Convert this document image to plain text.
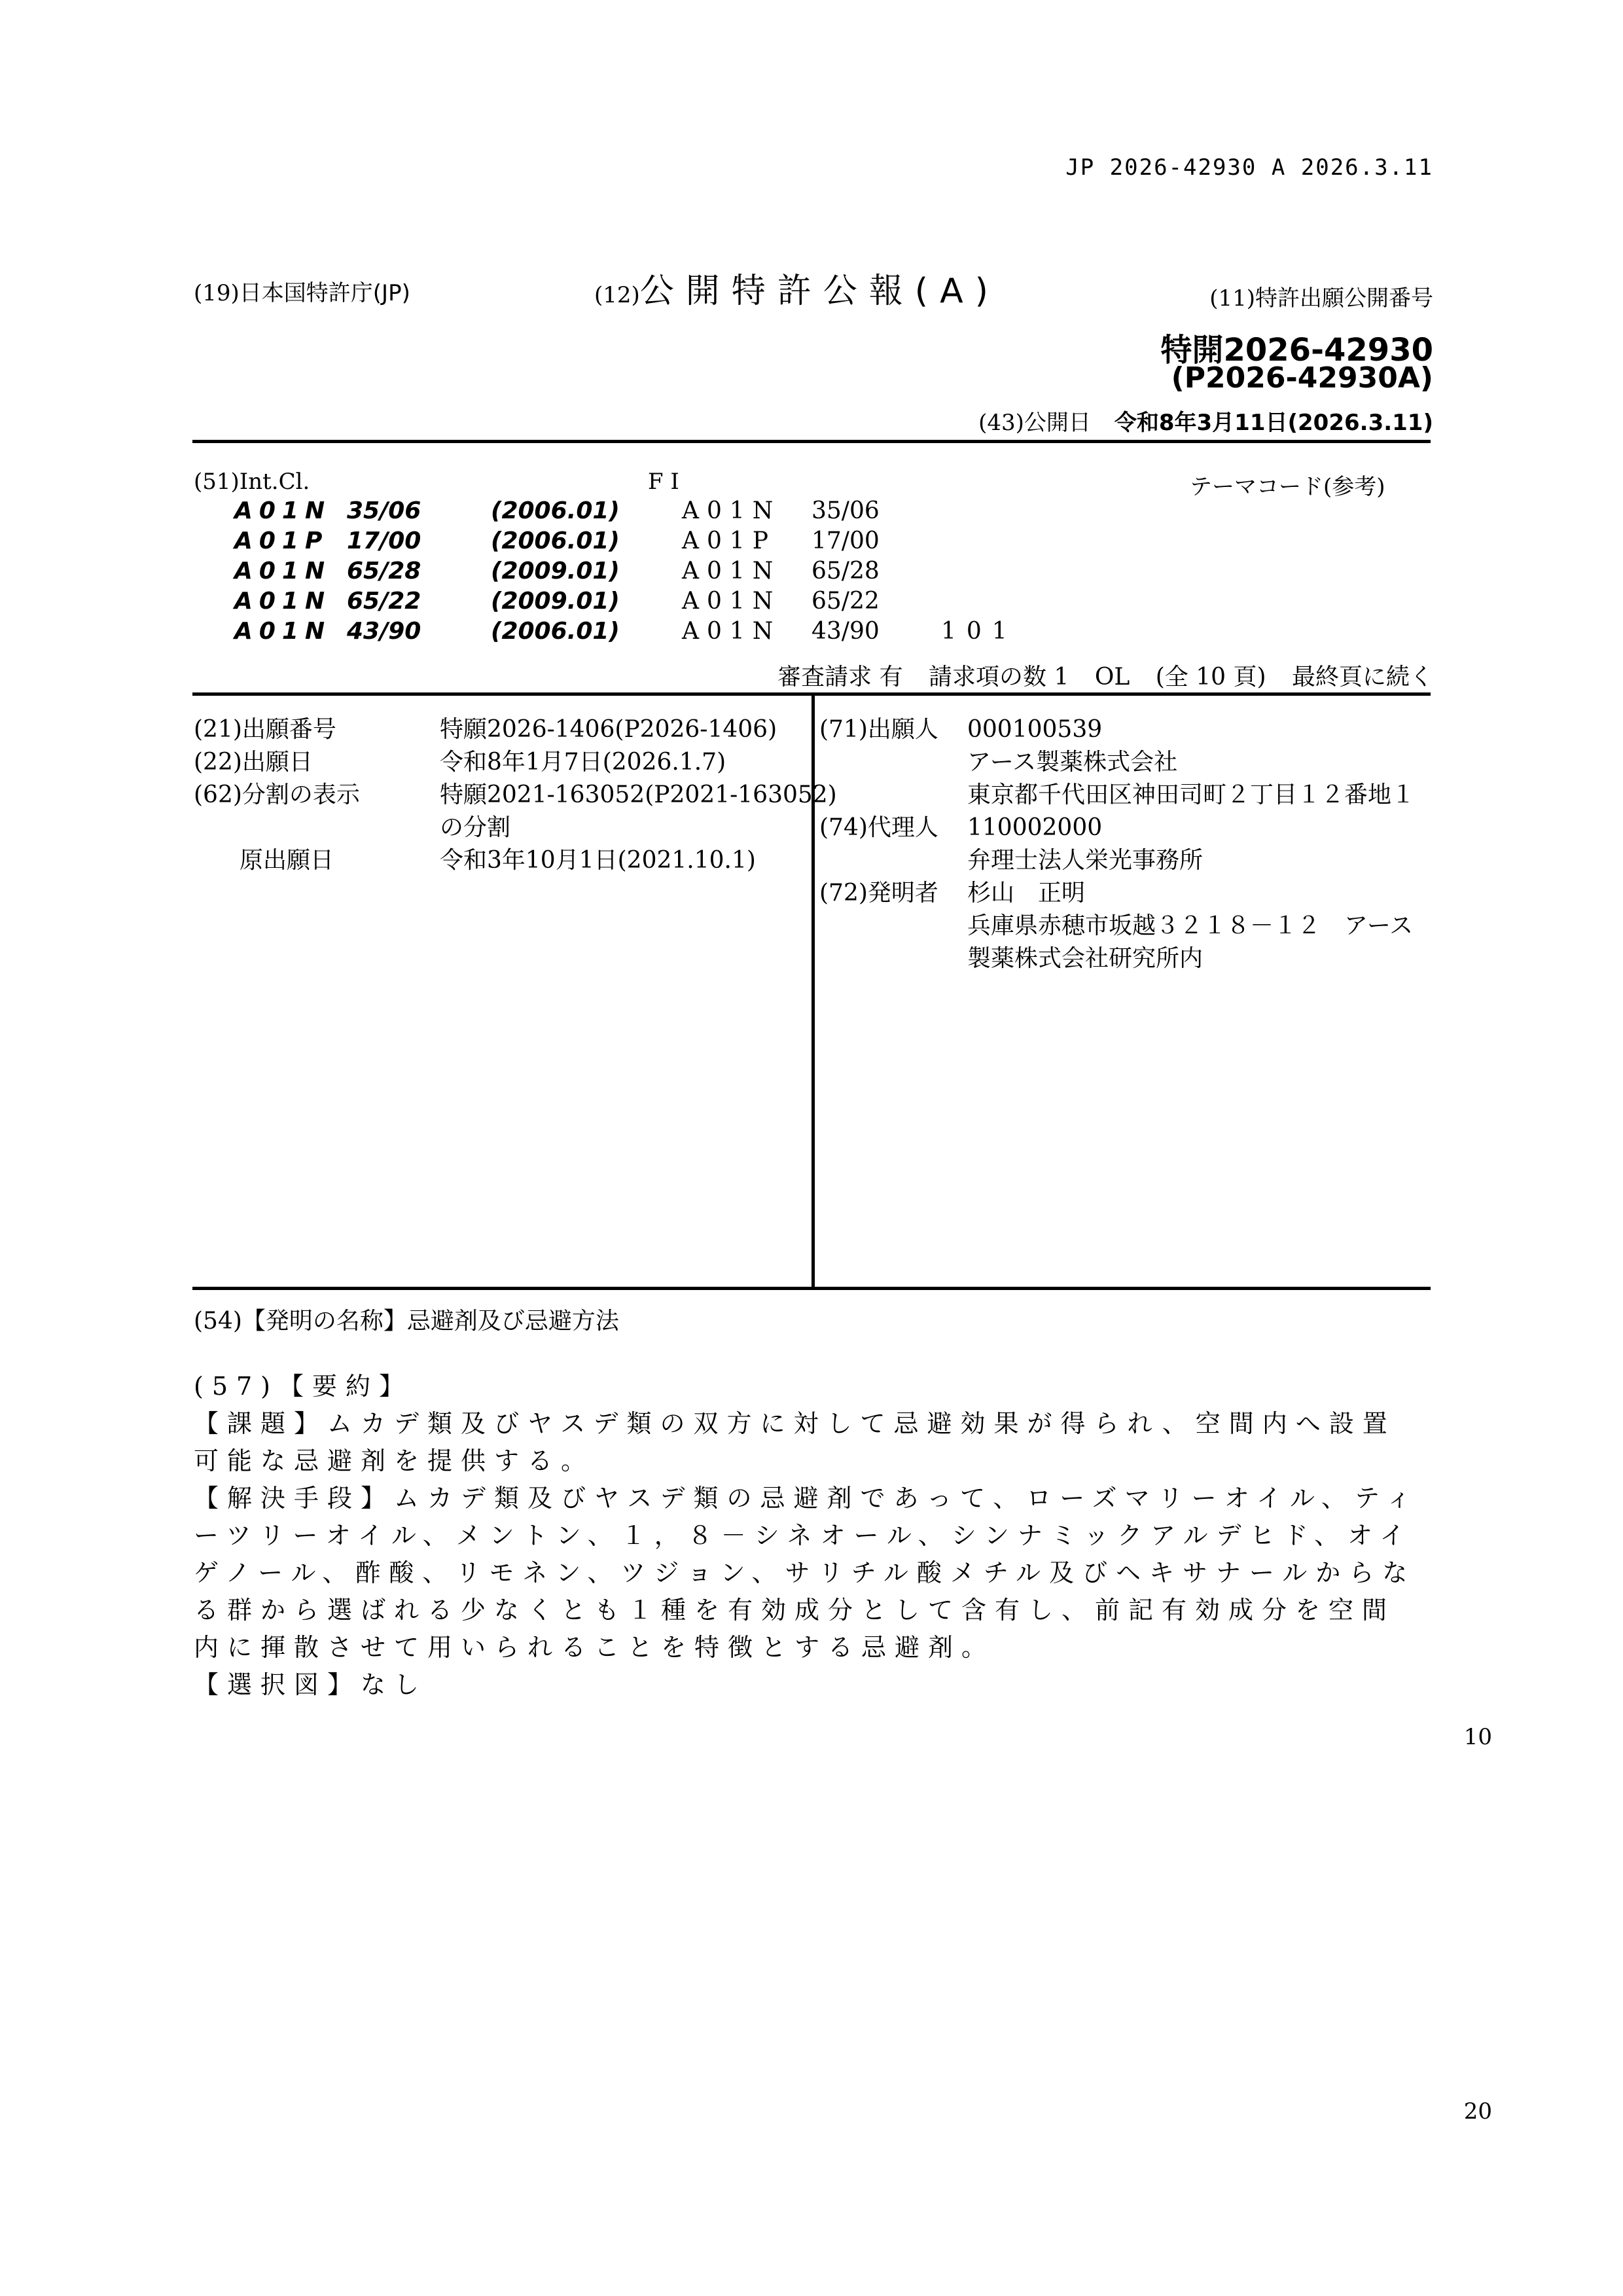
JP 2026-42930 A 2026.3.11
(19)日本国特許庁(JP)	(12)公開特許公報(A)	(11)特許出願公開番号
特開2026-42930
(P2026-42930A)
(43)公開日 令和8年3月11日(2026.3.11)
(51)Int.Cl.	F I	テーマコード(参考)
A01N 35/06	(2006.01)	A01N 35/06
A01P 17/00	(2006.01)	A01P 17/00
A01N 65/28	(2009.01)	A01N 65/28
A01N 65/22	(2009.01)	A01N 65/22
A01N 43/90	(2006.01)	A01N 43/90	101
審査請求 有 請求項の数 1 OL (全 10 頁) 最終頁に続く
(21)出願番号	特願2026-1406(P2026-1406)
(22)出願日	令和8年1月7日(2026.1.7)
(62)分割の表示	特願2021-163052(P2021-163052)
の分割
原出願日	令和3年10月1日(2021.10.1)
(71)出願人	000100539
アース製薬株式会社
東京都千代田区神田司町２丁目１２番地１
(74)代理人	110002000
弁理士法人栄光事務所
(72)発明者	杉山　正明
兵庫県赤穂市坂越３２１８－１２　アース
製薬株式会社研究所内
(54)【発明の名称】忌避剤及び忌避方法

(57)【要約】

【課題】ムカデ類及びヤスデ類の双方に対して忌避効果が得られ、空間内へ設置可能な忌避剤を提供する。

【解決手段】ムカデ類及びヤスデ類の忌避剤であって、ローズマリーオイル、ティーツリーオイル、メントン、１，８－シネオール、シンナミックアルデヒド、オイゲノール、酢酸、リモネン、ツジョン、サリチル酸メチル及びヘキサナールからなる群から選ばれる少なくとも１種を有効成分として含有し、前記有効成分を空間内に揮散させて用いられることを特徴とする忌避剤。

【選択図】なし

10
20
